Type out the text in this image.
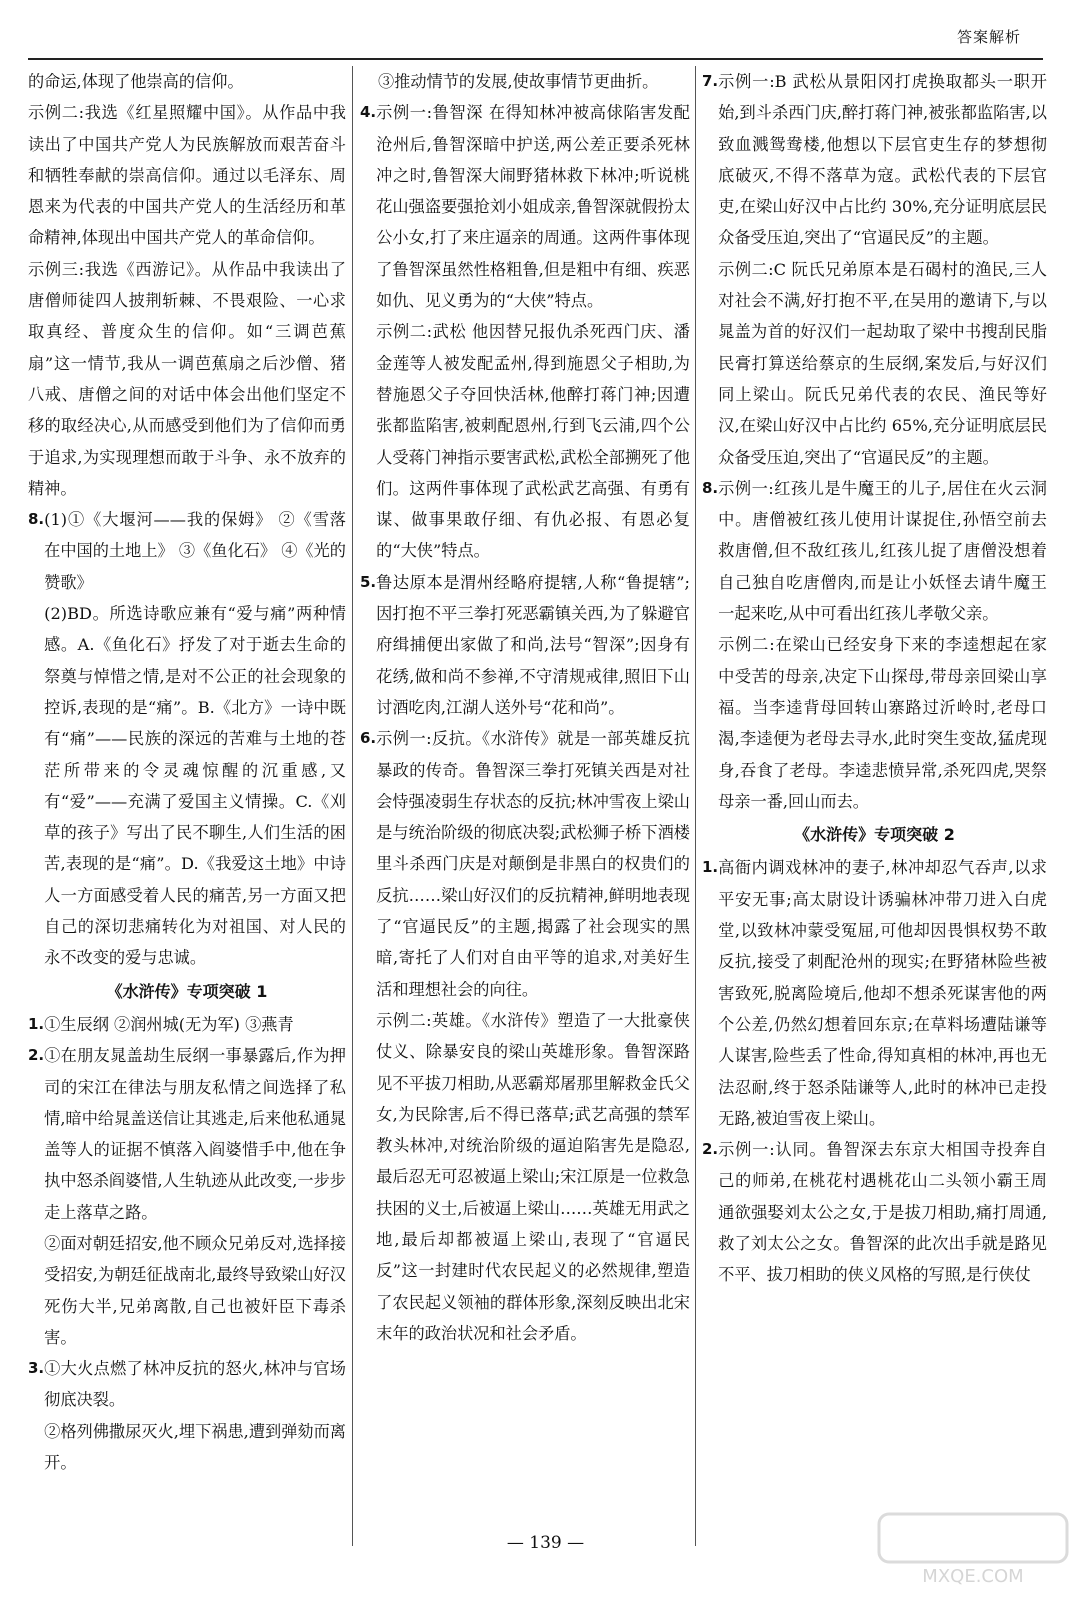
答案解析

的命运,体现了他崇高的信仰。

示例二:我选《红星照耀中国》。从作品中我读出了中国共产党人为民族解放而艰苦奋斗和牺牲奉献的崇高信仰。通过以毛泽东、周恩来为代表的中国共产党人的生活经历和革命精神,体现出中国共产党人的革命信仰。

示例三:我选《西游记》。从作品中我读出了唐僧师徒四人披荆斩棘、不畏艰险、一心求取真经、普度众生的信仰。如“三调芭蕉扇”这一情节,我从一调芭蕉扇之后沙僧、猪八戒、唐僧之间的对话中体会出他们坚定不移的取经决心,从而感受到他们为了信仰而勇于追求,为实现理想而敢于斗争、永不放弃的精神。

8. (1)①《大堰河——我的保姆》 ②《雪落在中国的土地上》 ③《鱼化石》 ④《光的赞歌》

(2)BD。所选诗歌应兼有“爱与痛”两种情感。A.《鱼化石》抒发了对于逝去生命的祭奠与悼惜之情,是对不公正的社会现象的控诉,表现的是“痛”。B.《北方》一诗中既有“痛”——民族的深远的苦难与土地的苍茫所带来的令灵魂惊醒的沉重感,又有“爱”——充满了爱国主义情操。C.《刈草的孩子》写出了民不聊生,人们生活的困苦,表现的是“痛”。D.《我爱这土地》中诗人一方面感受着人民的痛苦,另一方面又把自己的深切悲痛转化为对祖国、对人民的永不改变的爱与忠诚。

《水浒传》专项突破 1
1. ①生辰纲 ②润州城(无为军) ③燕青

2. ①在朋友晁盖劫生辰纲一事暴露后,作为押司的宋江在律法与朋友私情之间选择了私情,暗中给晁盖送信让其逃走,后来他私通晁盖等人的证据不慎落入阎婆惜手中,他在争执中怒杀阎婆惜,人生轨迹从此改变,一步步走上落草之路。

②面对朝廷招安,他不顾众兄弟反对,选择接受招安,为朝廷征战南北,最终导致梁山好汉死伤大半,兄弟离散,自己也被奸臣下毒杀害。

3. ①大火点燃了林冲反抗的怒火,林冲与官场彻底决裂。

②格列佛撒尿灭火,埋下祸患,遭到弹劾而离开。

③推动情节的发展,使故事情节更曲折。

4. 示例一:鲁智深 在得知林冲被高俅陷害发配沧州后,鲁智深暗中护送,两公差正要杀死林冲之时,鲁智深大闹野猪林救下林冲;听说桃花山强盗要强抢刘小姐成亲,鲁智深就假扮太公小女,打了来庄逼亲的周通。这两件事体现了鲁智深虽然性格粗鲁,但是粗中有细、疾恶如仇、见义勇为的“大侠”特点。

示例二:武松 他因替兄报仇杀死西门庆、潘金莲等人被发配孟州,得到施恩父子相助,为替施恩父子夺回快活林,他醉打蒋门神;因遭张都监陷害,被刺配恩州,行到飞云浦,四个公人受蒋门神指示要害武松,武松全部搠死了他们。这两件事体现了武松武艺高强、有勇有谋、做事果敢仔细、有仇必报、有恩必复的“大侠”特点。

5. 鲁达原本是渭州经略府提辖,人称“鲁提辖”;因打抱不平三拳打死恶霸镇关西,为了躲避官府缉捕便出家做了和尚,法号“智深”;因身有花绣,做和尚不参禅,不守清规戒律,照旧下山讨酒吃肉,江湖人送外号“花和尚”。

6. 示例一:反抗。《水浒传》就是一部英雄反抗暴政的传奇。鲁智深三拳打死镇关西是对社会恃强凌弱生存状态的反抗;林冲雪夜上梁山是与统治阶级的彻底决裂;武松狮子桥下酒楼里斗杀西门庆是对颠倒是非黑白的权贵们的反抗……梁山好汉们的反抗精神,鲜明地表现了“官逼民反”的主题,揭露了社会现实的黑暗,寄托了人们对自由平等的追求,对美好生活和理想社会的向往。

示例二:英雄。《水浒传》塑造了一大批豪侠仗义、除暴安良的梁山英雄形象。鲁智深路见不平拔刀相助,从恶霸郑屠那里解救金氏父女,为民除害,后不得已落草;武艺高强的禁军教头林冲,对统治阶级的逼迫陷害先是隐忍,最后忍无可忍被逼上梁山;宋江原是一位救急扶困的义士,后被逼上梁山……英雄无用武之地,最后却都被逼上梁山,表现了“官逼民反”这一封建时代农民起义的必然规律,塑造了农民起义领袖的群体形象,深刻反映出北宋末年的政治状况和社会矛盾。

7. 示例一:B 武松从景阳冈打虎换取都头一职开始,到斗杀西门庆,醉打蒋门神,被张都监陷害,以致血溅鸳鸯楼,他想以下层官吏生存的梦想彻底破灭,不得不落草为寇。武松代表的下层官吏,在梁山好汉中占比约 30%,充分证明底层民众备受压迫,突出了“官逼民反”的主题。

示例二:C 阮氏兄弟原本是石碣村的渔民,三人对社会不满,好打抱不平,在吴用的邀请下,与以晁盖为首的好汉们一起劫取了梁中书搜刮民脂民膏打算送给蔡京的生辰纲,案发后,与好汉们同上梁山。阮氏兄弟代表的农民、渔民等好汉,在梁山好汉中占比约 65%,充分证明底层民众备受压迫,突出了“官逼民反”的主题。

8. 示例一:红孩儿是牛魔王的儿子,居住在火云洞中。唐僧被红孩儿使用计谋捉住,孙悟空前去救唐僧,但不敌红孩儿,红孩儿捉了唐僧没想着自己独自吃唐僧肉,而是让小妖怪去请牛魔王一起来吃,从中可看出红孩儿孝敬父亲。

示例二:在梁山已经安身下来的李逵想起在家中受苦的母亲,决定下山探母,带母亲回梁山享福。当李逵背母回转山寨路过沂岭时,老母口渴,李逵便为老母去寻水,此时突生变故,猛虎现身,吞食了老母。李逵悲愤异常,杀死四虎,哭祭母亲一番,回山而去。

《水浒传》专项突破 2
1. 高衙内调戏林冲的妻子,林冲却忍气吞声,以求平安无事;高太尉设计诱骗林冲带刀进入白虎堂,以致林冲蒙受冤屈,可他却因畏惧权势不敢反抗,接受了刺配沧州的现实;在野猪林险些被害致死,脱离险境后,他却不想杀死谋害他的两个公差,仍然幻想着回东京;在草料场遭陆谦等人谋害,险些丢了性命,得知真相的林冲,再也无法忍耐,终于怒杀陆谦等人,此时的林冲已走投无路,被迫雪夜上梁山。

2. 示例一:认同。鲁智深去东京大相国寺投奔自己的师弟,在桃花村遇桃花山二头领小霸王周通欲强娶刘太公之女,于是拔刀相助,痛打周通,救了刘太公之女。鲁智深的此次出手就是路见不平、拔刀相助的侠义风格的写照,是行侠仗

— 139 —
MXQE.COM
